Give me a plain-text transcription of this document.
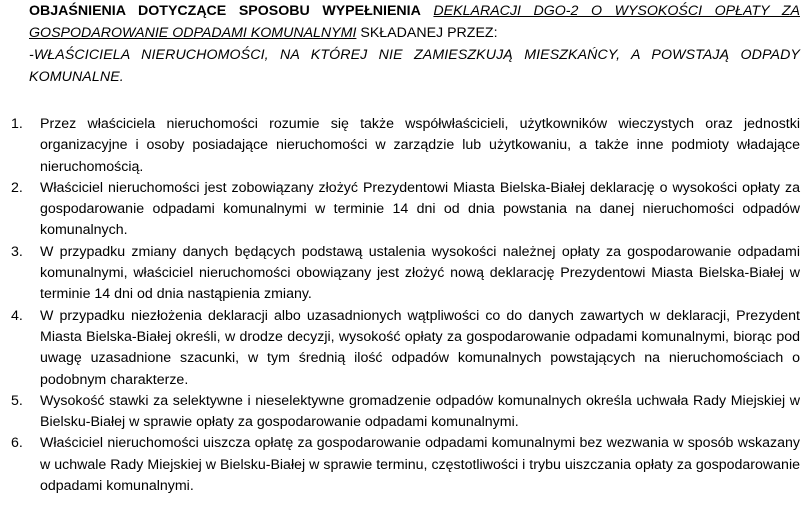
OBJAŚNIENIA DOTYCZĄCE SPOSOBU WYPEŁNIENIA DEKLARACJI DGO-2 O WYSOKOŚCI OPŁATY ZA GOSPODAROWANIE ODPADAMI KOMUNALNYMI SKŁADANEJ PRZEZ:
-WŁAŚCICIELA NIERUCHOMOŚCI, NA KTÓREJ NIE ZAMIESZKUJĄ MIESZKAŃCY, A POWSTAJĄ ODPADY KOMUNALNE.

1. Przez właściciela nieruchomości rozumie się także współwłaścicieli, użytkowników wieczystych oraz jednostki organizacyjne i osoby posiadające nieruchomości w zarządzie lub użytkowaniu, a także inne podmioty władające nieruchomością.
2. Właściciel nieruchomości jest zobowiązany złożyć Prezydentowi Miasta Bielska-Białej deklarację o wysokości opłaty za gospodarowanie odpadami komunalnymi w terminie 14 dni od dnia powstania na danej nieruchomości odpadów komunalnych.
3. W przypadku zmiany danych będących podstawą ustalenia wysokości należnej opłaty za gospodarowanie odpadami komunalnymi, właściciel nieruchomości obowiązany jest złożyć nową deklarację Prezydentowi Miasta Bielska-Białej w terminie 14 dni od dnia nastąpienia zmiany.
4. W przypadku niezłożenia deklaracji albo uzasadnionych wątpliwości co do danych zawartych w deklaracji, Prezydent Miasta Bielska-Białej określi, w drodze decyzji, wysokość opłaty za gospodarowanie odpadami komunalnymi, biorąc pod uwagę uzasadnione szacunki, w tym średnią ilość odpadów komunalnych powstających na nieruchomościach o podobnym charakterze.
5. Wysokość stawki za selektywne i nieselektywne gromadzenie odpadów komunalnych określa uchwała Rady Miejskiej w Bielsku-Białej w sprawie opłaty za gospodarowanie odpadami komunalnymi.
6. Właściciel nieruchomości uiszcza opłatę za gospodarowanie odpadami komunalnymi bez wezwania w sposób wskazany w uchwale Rady Miejskiej w Bielsku-Białej w sprawie terminu, częstotliwości i trybu uiszczania opłaty za gospodarowanie odpadami komunalnymi.
